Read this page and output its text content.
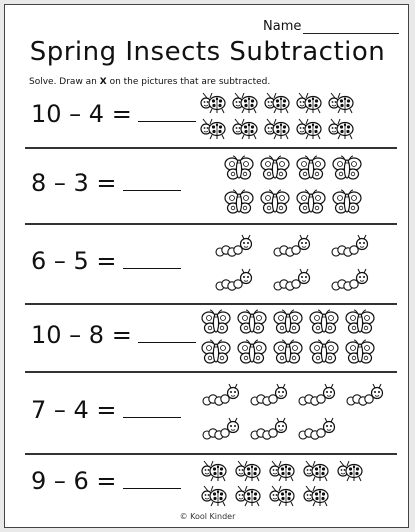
Name
Spring Insects Subtraction
Solve. Draw an X on the pictures that are subtracted.
10 – 4 =
8 – 3 =
6 – 5 =
10 – 8 =
7 – 4 =
9 – 6 =
© Kool Kinder
